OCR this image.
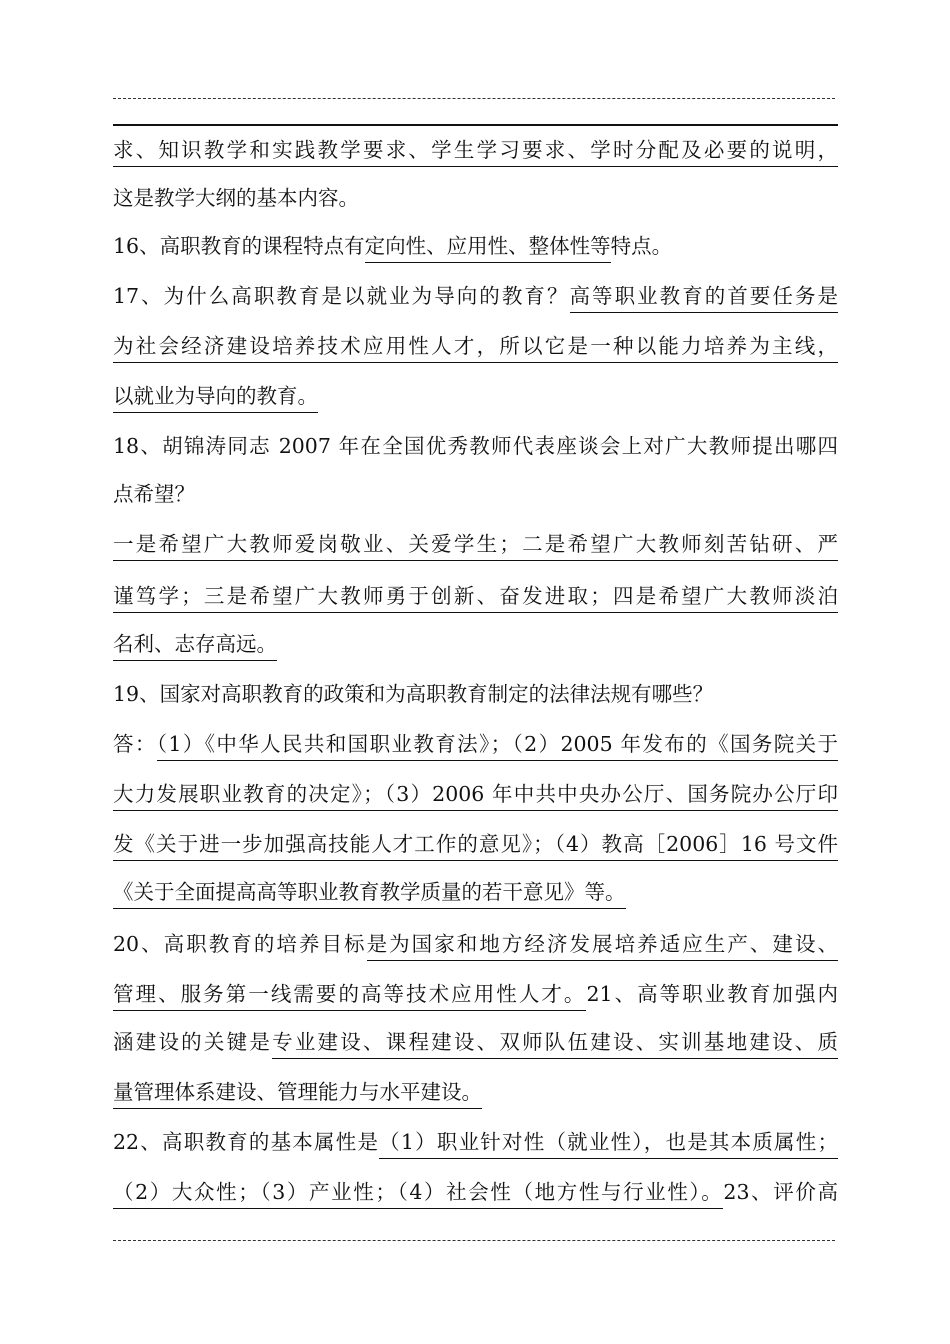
求、知识教学和实践教学要求、学生学习要求、学时分配及必要的说明，
这是教学大纲的基本内容。
16、高职教育的课程特点有定向性、应用性、整体性等特点。
17、为什么高职教育是以就业为导向的教育？高等职业教育的首要任务是
为社会经济建设培养技术应用性人才，所以它是一种以能力培养为主线，
以就业为导向的教育。
18、胡锦涛同志 2007 年在全国优秀教师代表座谈会上对广大教师提出哪四
点希望？
一是希望广大教师爱岗敬业、关爱学生；二是希望广大教师刻苦钻研、严
谨笃学；三是希望广大教师勇于创新、奋发进取；四是希望广大教师淡泊
名利、志存高远。
19、国家对高职教育的政策和为高职教育制定的法律法规有哪些？
答：（1）《中华人民共和国职业教育法》；（2）2005 年发布的《国务院关于
大力发展职业教育的决定》；（3）2006 年中共中央办公厅、国务院办公厅印
发《关于进一步加强高技能人才工作的意见》；（4）教高［2006］16 号文件
《关于全面提高高等职业教育教学质量的若干意见》等。
20、高职教育的培养目标是为国家和地方经济发展培养适应生产、建设、
管理、服务第一线需要的高等技术应用性人才。21、高等职业教育加强内
涵建设的关键是专业建设、课程建设、双师队伍建设、实训基地建设、质
量管理体系建设、管理能力与水平建设。
22、高职教育的基本属性是（1）职业针对性（就业性），也是其本质属性；
（2）大众性；（3）产业性；（4）社会性（地方性与行业性）。23、评价高
